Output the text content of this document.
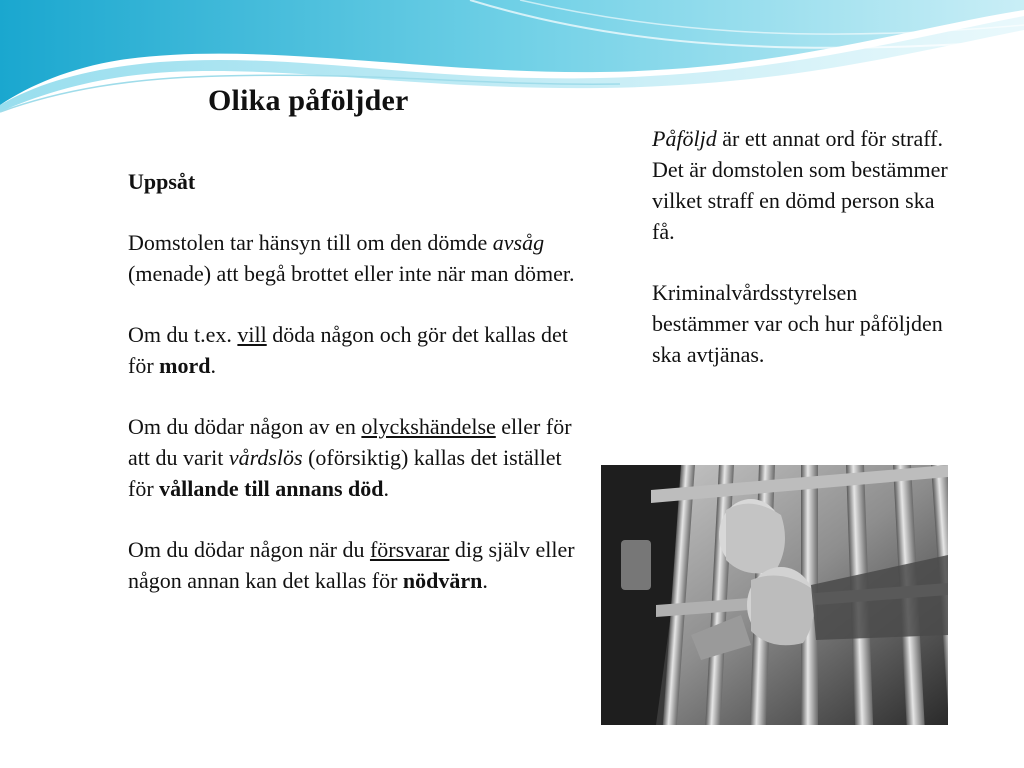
Olika påföljder

Uppsåt

Domstolen tar hänsyn till om den dömde avsåg (menade) att begå brottet eller inte när man dömer.

Om du t.ex. vill döda någon och gör det kallas det för mord.

Om du dödar någon av en olyckshändelse eller för att du varit vårdslös (oförsiktig) kallas det istället för vållande till annans död.

Om du dödar någon när du försvarar dig själv eller någon annan kan det kallas för nödvärn.

Påföljd är ett annat ord för straff. Det är domstolen som bestämmer vilket straff en dömd person ska få.

Kriminalvårdsstyrelsen bestämmer var och hur påföljden ska avtjänas.
